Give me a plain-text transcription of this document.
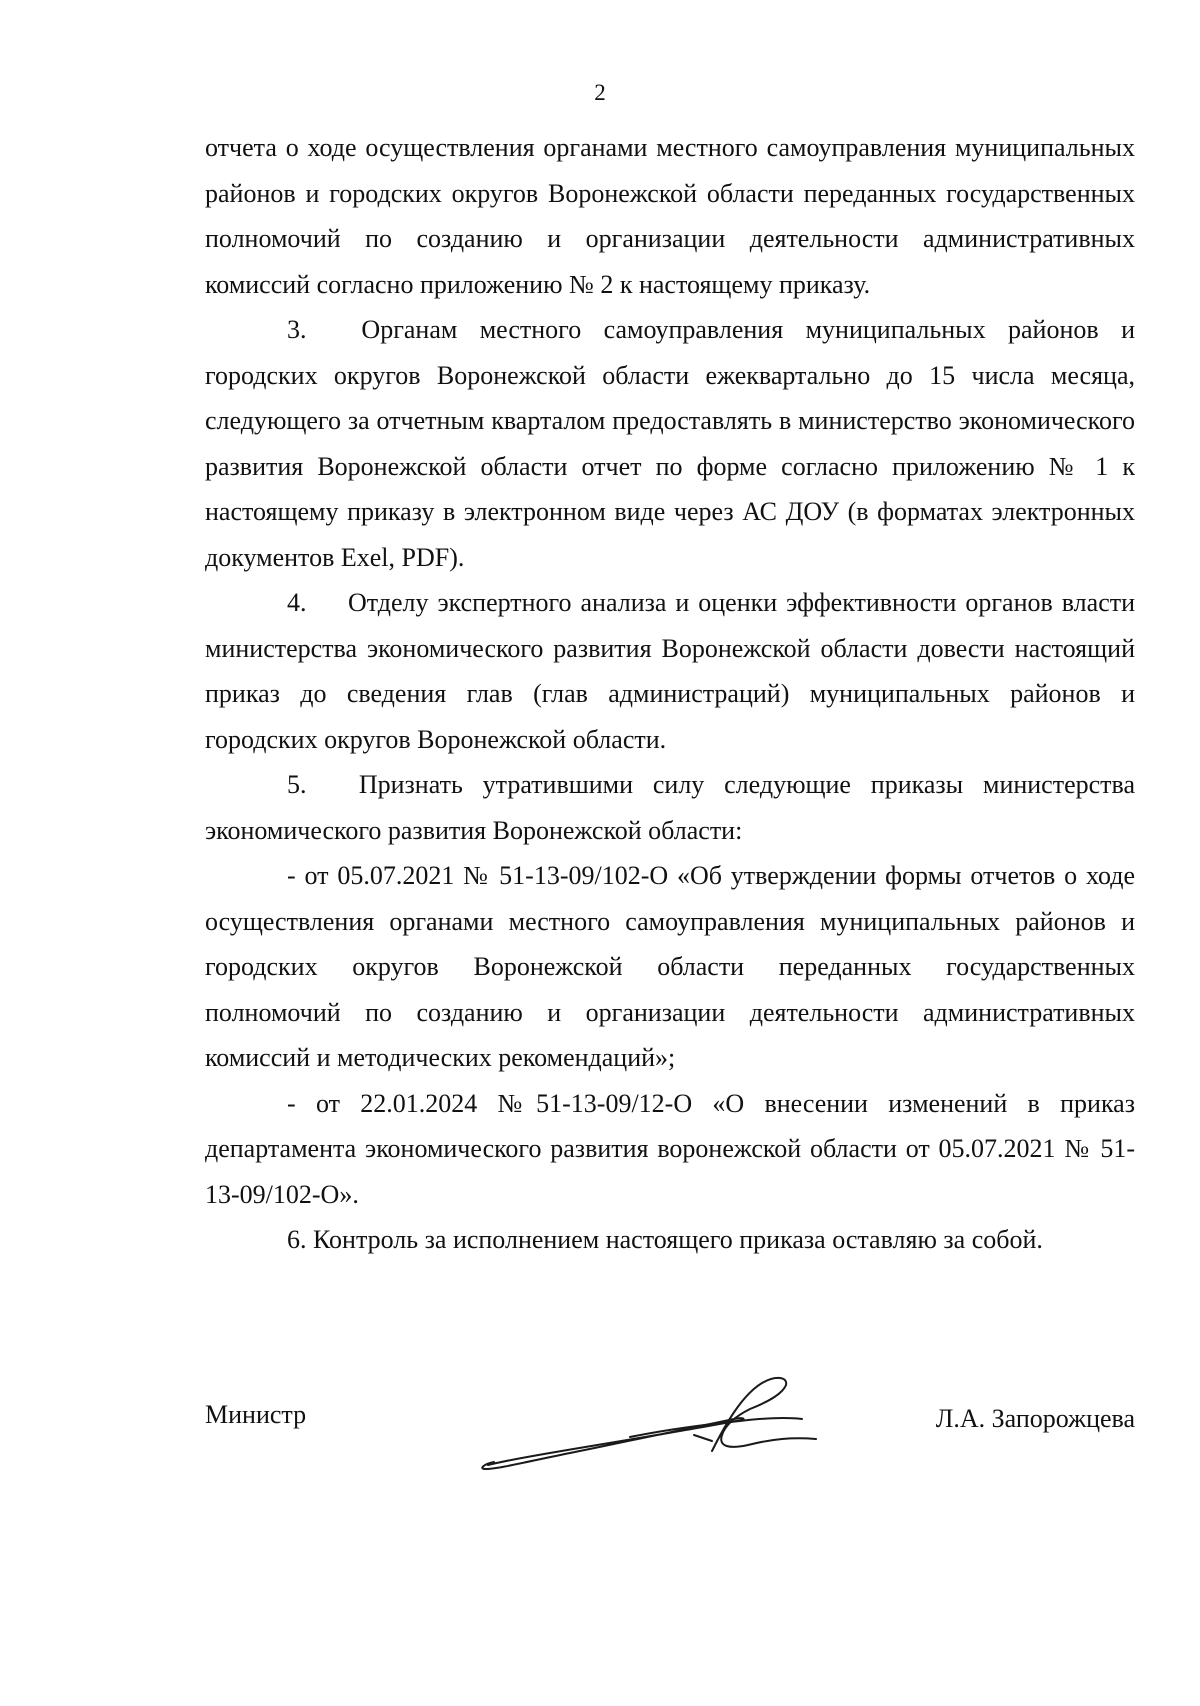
2

отчета о ходе осуществления органами местного самоуправления муниципальных районов и городских округов Воронежской области переданных государственных полномочий по созданию и организации деятельности административных комиссий согласно приложению № 2 к настоящему приказу.

3. Органам местного самоуправления муниципальных районов и городских округов Воронежской области ежеквартально до 15 числа месяца, следующего за отчетным кварталом предоставлять в министерство экономического развития Воронежской области отчет по форме согласно приложению № 1 к настоящему приказу в электронном виде через АС ДОУ (в форматах электронных документов Exel, PDF).

4. Отделу экспертного анализа и оценки эффективности органов власти министерства экономического развития Воронежской области довести настоящий приказ до сведения глав (глав администраций) муниципальных районов и городских округов Воронежской области.

5. Признать утратившими силу следующие приказы министерства экономического развития Воронежской области:

- от 05.07.2021 № 51-13-09/102-О «Об утверждении формы отчетов о ходе осуществления органами местного самоуправления муниципальных районов и городских округов Воронежской области переданных государственных полномочий по созданию и организации деятельности административных комиссий и методических рекомендаций»;

- от 22.01.2024 №51-13-09/12-О «О внесении изменений в приказ департамента экономического развития воронежской области от 05.07.2021 № 51-13-09/102-О».

6. Контроль за исполнением настоящего приказа оставляю за собой.

Министр	Л.А. Запорожцева
